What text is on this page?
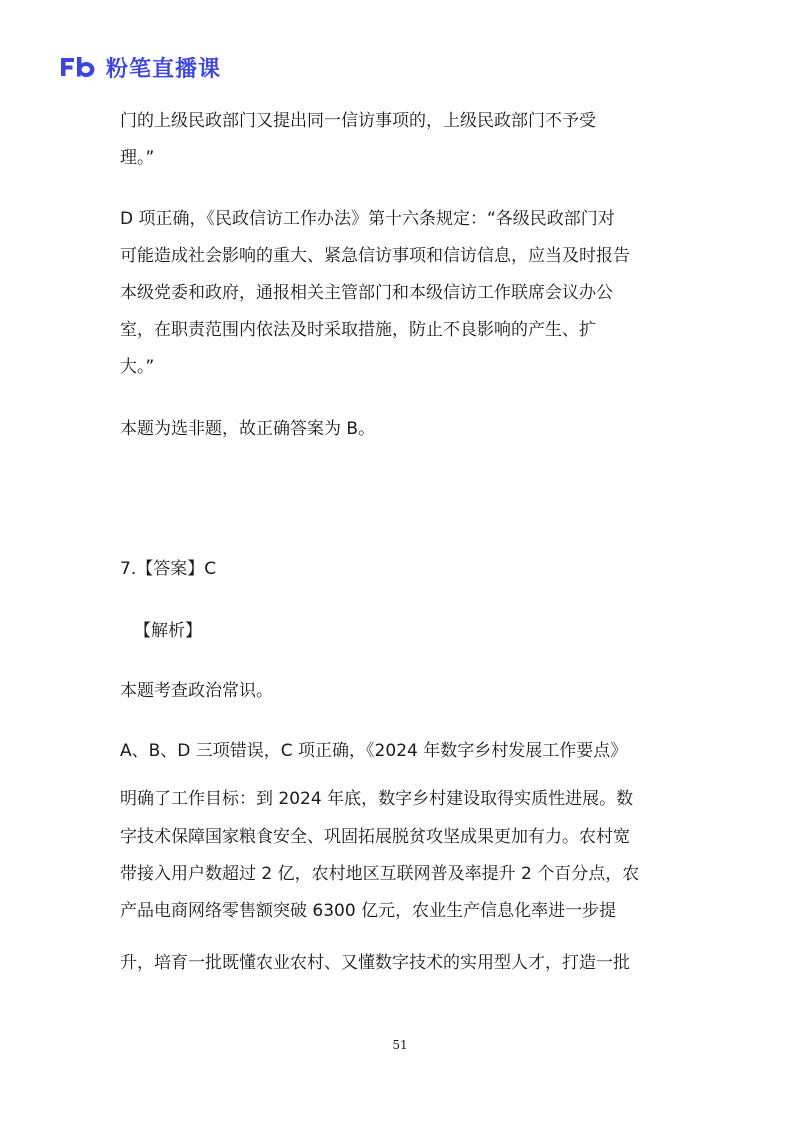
粉笔直播课
门的上级民政部门又提出同一信访事项的，上级民政部门不予受
理。”
D 项正确，《民政信访工作办法》第十六条规定：“各级民政部门对
可能造成社会影响的重大、紧急信访事项和信访信息，应当及时报告
本级党委和政府，通报相关主管部门和本级信访工作联席会议办公
室，在职责范围内依法及时采取措施，防止不良影响的产生、扩
大。”
本题为选非题，故正确答案为 B。
7.【答案】C
【解析】
本题考查政治常识。
A、B、D 三项错误，C 项正确，《2024 年数字乡村发展工作要点》
明确了工作目标：到 2024 年底，数字乡村建设取得实质性进展。数
字技术保障国家粮食安全、巩固拓展脱贫攻坚成果更加有力。农村宽
带接入用户数超过 2 亿，农村地区互联网普及率提升 2 个百分点，农
产品电商网络零售额突破 6300 亿元，农业生产信息化率进一步提
升，培育一批既懂农业农村、又懂数字技术的实用型人才，打造一批
51
